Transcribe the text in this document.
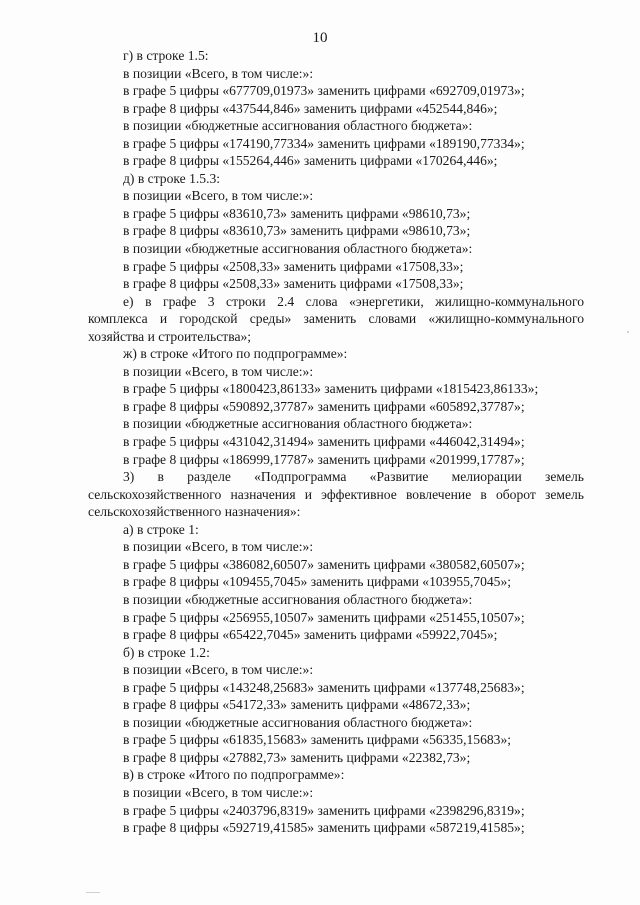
10
г) в строке 1.5:
в позиции «Всего, в том числе:»:
в графе 5 цифры «677709,01973» заменить цифрами «692709,01973»;
в графе 8 цифры «437544,846» заменить цифрами «452544,846»;
в позиции «бюджетные ассигнования областного бюджета»:
в графе 5 цифры «174190,77334» заменить цифрами «189190,77334»;
в графе 8 цифры «155264,446» заменить цифрами «170264,446»;
д) в строке 1.5.3:
в позиции «Всего, в том числе:»:
в графе 5 цифры «83610,73» заменить цифрами «98610,73»;
в графе 8 цифры «83610,73» заменить цифрами «98610,73»;
в позиции «бюджетные ассигнования областного бюджета»:
в графе 5 цифры «2508,33» заменить цифрами «17508,33»;
в графе 8 цифры «2508,33» заменить цифрами «17508,33»;
е) в графе 3 строки 2.4 слова «энергетики, жилищно-коммунального
комплекса и городской среды» заменить словами «жилищно-коммунального
хозяйства и строительства»;
ж) в строке «Итого по подпрограмме»:
в позиции «Всего, в том числе:»:
в графе 5 цифры «1800423,86133» заменить цифрами «1815423,86133»;
в графе 8 цифры «590892,37787» заменить цифрами «605892,37787»;
в позиции «бюджетные ассигнования областного бюджета»:
в графе 5 цифры «431042,31494» заменить цифрами «446042,31494»;
в графе 8 цифры «186999,17787» заменить цифрами «201999,17787»;
3) в разделе «Подпрограмма «Развитие мелиорации земель
сельскохозяйственного назначения и эффективное вовлечение в оборот земель
сельскохозяйственного назначения»:
а) в строке 1:
в позиции «Всего, в том числе:»:
в графе 5 цифры «386082,60507» заменить цифрами «380582,60507»;
в графе 8 цифры «109455,7045» заменить цифрами «103955,7045»;
в позиции «бюджетные ассигнования областного бюджета»:
в графе 5 цифры «256955,10507» заменить цифрами «251455,10507»;
в графе 8 цифры «65422,7045» заменить цифрами «59922,7045»;
б) в строке 1.2:
в позиции «Всего, в том числе:»:
в графе 5 цифры «143248,25683» заменить цифрами «137748,25683»;
в графе 8 цифры «54172,33» заменить цифрами «48672,33»;
в позиции «бюджетные ассигнования областного бюджета»:
в графе 5 цифры «61835,15683» заменить цифрами «56335,15683»;
в графе 8 цифры «27882,73» заменить цифрами «22382,73»;
в) в строке «Итого по подпрограмме»:
в позиции «Всего, в том числе:»:
в графе 5 цифры «2403796,8319» заменить цифрами «2398296,8319»;
в графе 8 цифры «592719,41585» заменить цифрами «587219,41585»;
